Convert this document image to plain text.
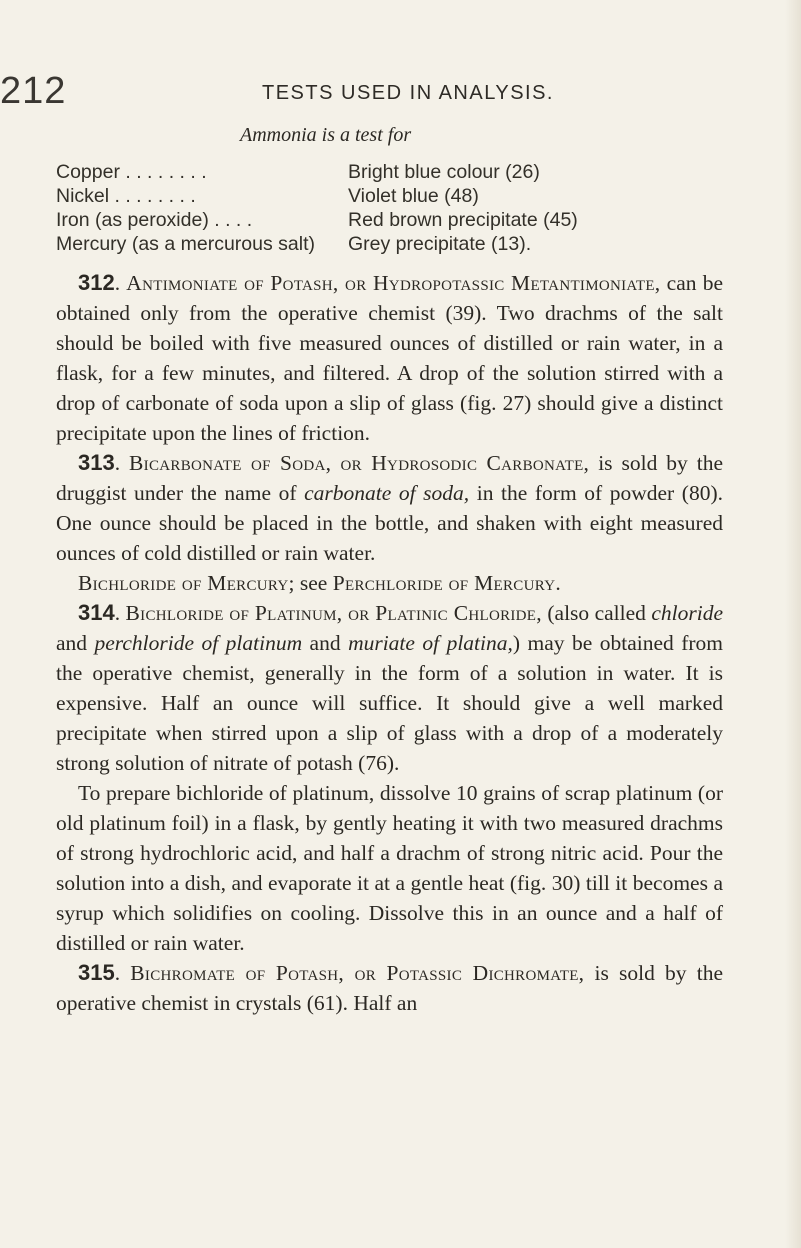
212	TESTS USED IN ANALYSIS.
Ammonia is a test for
Copper . . . . . . . .	Bright blue colour (26)
Nickel . . . . . . . .	Violet blue (48)
Iron (as peroxide) . . . .	Red brown precipitate (45)
Mercury (as a mercurous salt)	Grey precipitate (13).

312. Antimoniate of Potash, or Hydropotassic Metantimoniate, can be obtained only from the operative chemist (39). Two drachms of the salt should be boiled with five measured ounces of distilled or rain water, in a flask, for a few minutes, and filtered. A drop of the solution stirred with a drop of carbonate of soda upon a slip of glass (fig. 27) should give a distinct precipitate upon the lines of friction.

313. Bicarbonate of Soda, or Hydrosodic Carbonate, is sold by the druggist under the name of carbonate of soda, in the form of powder (80). One ounce should be placed in the bottle, and shaken with eight measured ounces of cold distilled or rain water.

Bichloride of Mercury; see Perchloride of Mercury.

314. Bichloride of Platinum, or Platinic Chloride, (also called chloride and perchloride of platinum and muriate of platina,) may be obtained from the operative chemist, generally in the form of a solution in water. It is expensive. Half an ounce will suffice. It should give a well marked precipitate when stirred upon a slip of glass with a drop of a moderately strong solution of nitrate of potash (76).

To prepare bichloride of platinum, dissolve 10 grains of scrap platinum (or old platinum foil) in a flask, by gently heating it with two measured drachms of strong hydrochloric acid, and half a drachm of strong nitric acid. Pour the solution into a dish, and evaporate it at a gentle heat (fig. 30) till it becomes a syrup which solidifies on cooling. Dissolve this in an ounce and a half of distilled or rain water.

315. Bichromate of Potash, or Potassic Dichromate, is sold by the operative chemist in crystals (61). Half an
